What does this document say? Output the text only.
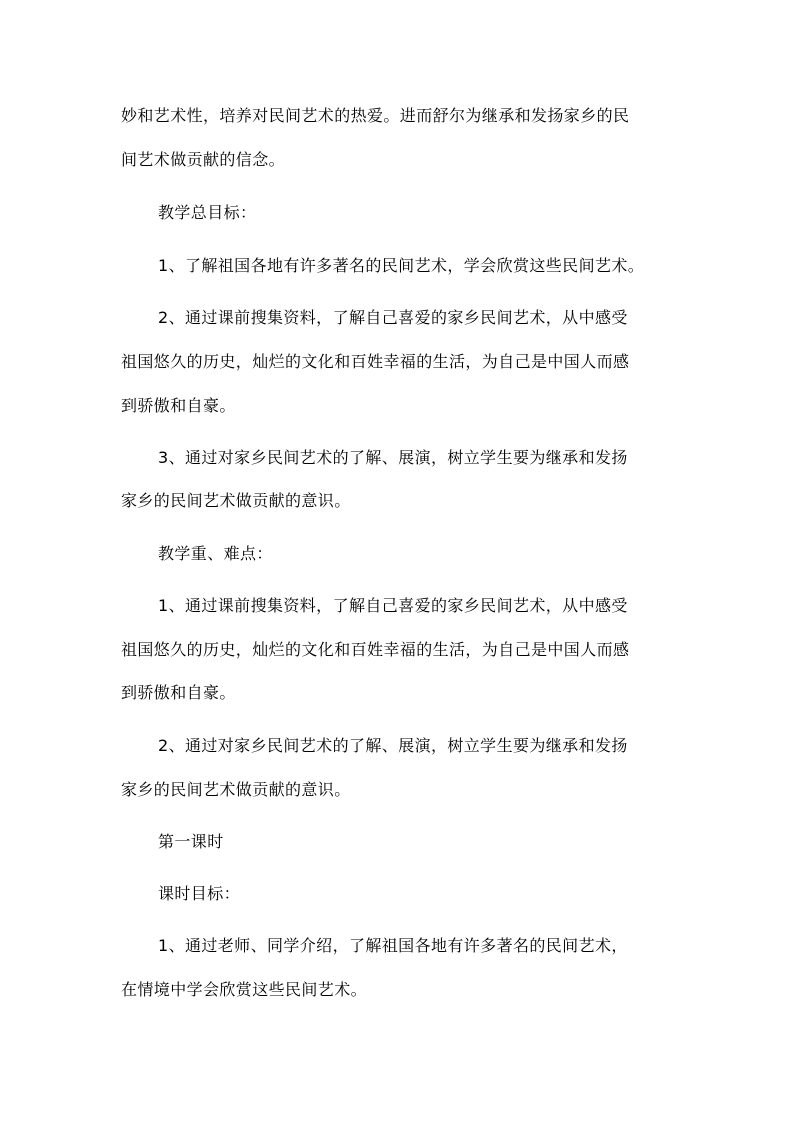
妙和艺术性，培养对民间艺术的热爱。进而舒尔为继承和发扬家乡的民
间艺术做贡献的信念。
教学总目标：
1、了解祖国各地有许多著名的民间艺术，学会欣赏这些民间艺术。
2、通过课前搜集资料，了解自己喜爱的家乡民间艺术，从中感受
祖国悠久的历史，灿烂的文化和百姓幸福的生活，为自己是中国人而感
到骄傲和自豪。
3、通过对家乡民间艺术的了解、展演，树立学生要为继承和发扬
家乡的民间艺术做贡献的意识。
教学重、难点：
1、通过课前搜集资料，了解自己喜爱的家乡民间艺术，从中感受
祖国悠久的历史，灿烂的文化和百姓幸福的生活，为自己是中国人而感
到骄傲和自豪。
2、通过对家乡民间艺术的了解、展演，树立学生要为继承和发扬
家乡的民间艺术做贡献的意识。
第一课时
课时目标：
1、通过老师、同学介绍，了解祖国各地有许多著名的民间艺术，
在情境中学会欣赏这些民间艺术。
